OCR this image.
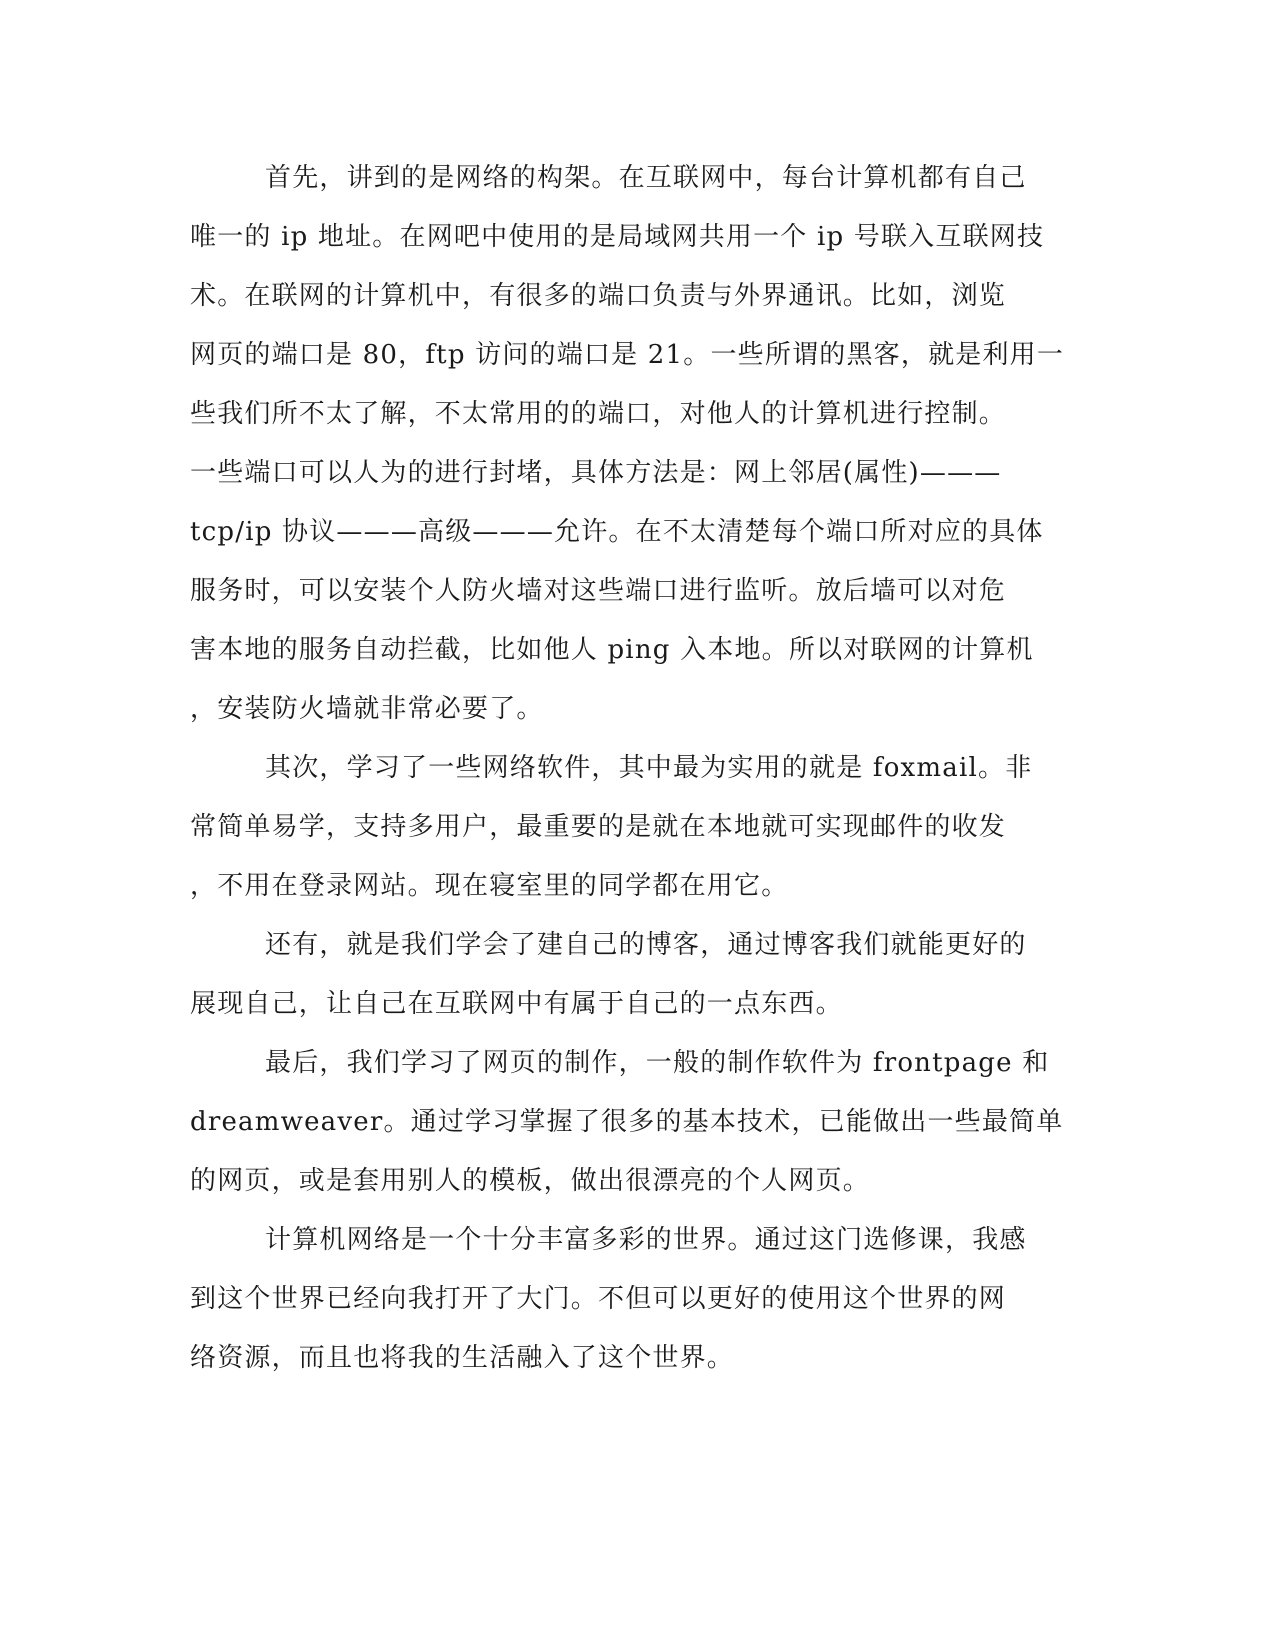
首先，讲到的是网络的构架。在互联网中，每台计算机都有自己
唯一的 ip 地址。在网吧中使用的是局域网共用一个 ip 号联入互联网技
术。在联网的计算机中，有很多的端口负责与外界通讯。比如，浏览
网页的端口是 80，ftp 访问的端口是 21。一些所谓的黑客，就是利用一
些我们所不太了解，不太常用的的端口，对他人的计算机进行控制。
一些端口可以人为的进行封堵，具体方法是：网上邻居(属性)———
tcp/ip 协议———高级———允许。在不太清楚每个端口所对应的具体
服务时，可以安装个人防火墙对这些端口进行监听。放后墙可以对危
害本地的服务自动拦截，比如他人 ping 入本地。所以对联网的计算机
，安装防火墙就非常必要了。
其次，学习了一些网络软件，其中最为实用的就是 foxmail。非
常简单易学，支持多用户，最重要的是就在本地就可实现邮件的收发
，不用在登录网站。现在寝室里的同学都在用它。
还有，就是我们学会了建自己的博客，通过博客我们就能更好的
展现自己，让自己在互联网中有属于自己的一点东西。
最后，我们学习了网页的制作，一般的制作软件为 frontpage 和
dreamweaver。通过学习掌握了很多的基本技术，已能做出一些最简单
的网页，或是套用别人的模板，做出很漂亮的个人网页。
计算机网络是一个十分丰富多彩的世界。通过这门选修课，我感
到这个世界已经向我打开了大门。不但可以更好的使用这个世界的网
络资源，而且也将我的生活融入了这个世界。
